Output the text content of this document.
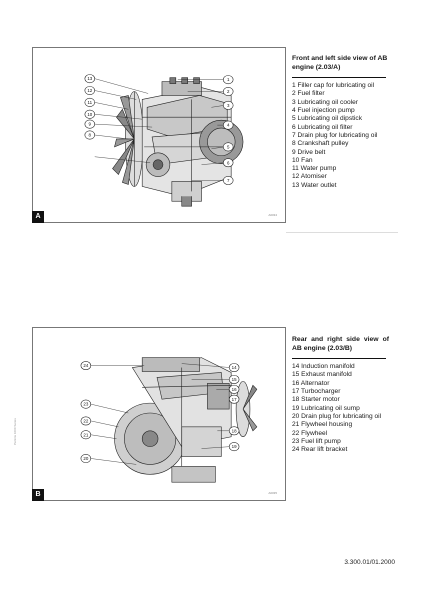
13
12
11
10
9
8
1
2
3
4
5
6
7
A	A0034
Front and left side view of AB engine (2.03/A)
1 Filler cap for lubricating oil
2 Fuel filter
3 Lubricating oil cooler
4 Fuel injection pump
5 Lubricating oil dipstick
6 Lubricating oil filter
7 Drain plug for lubricating oil
8 Crankshaft pulley
9 Drive belt
10 Fan
11 Water pump
12 Atomiser
13 Water outlet
24
23
22
21
20
14
15
16
17
18
19
B	A0035
Rear and right side view of AB engine (2.03/B)
14 Induction manifold
15 Exhaust manifold
16 Alternator
17 Turbocharger
18 Starter motor
19 Lubricating oil sump
20 Drain plug for lubricating oil
21 Flywheel housing
22 Flywheel
23 Fuel lift pump
24 Rear lift bracket
Perkins 1000 Series
3.300.01/01.2000
